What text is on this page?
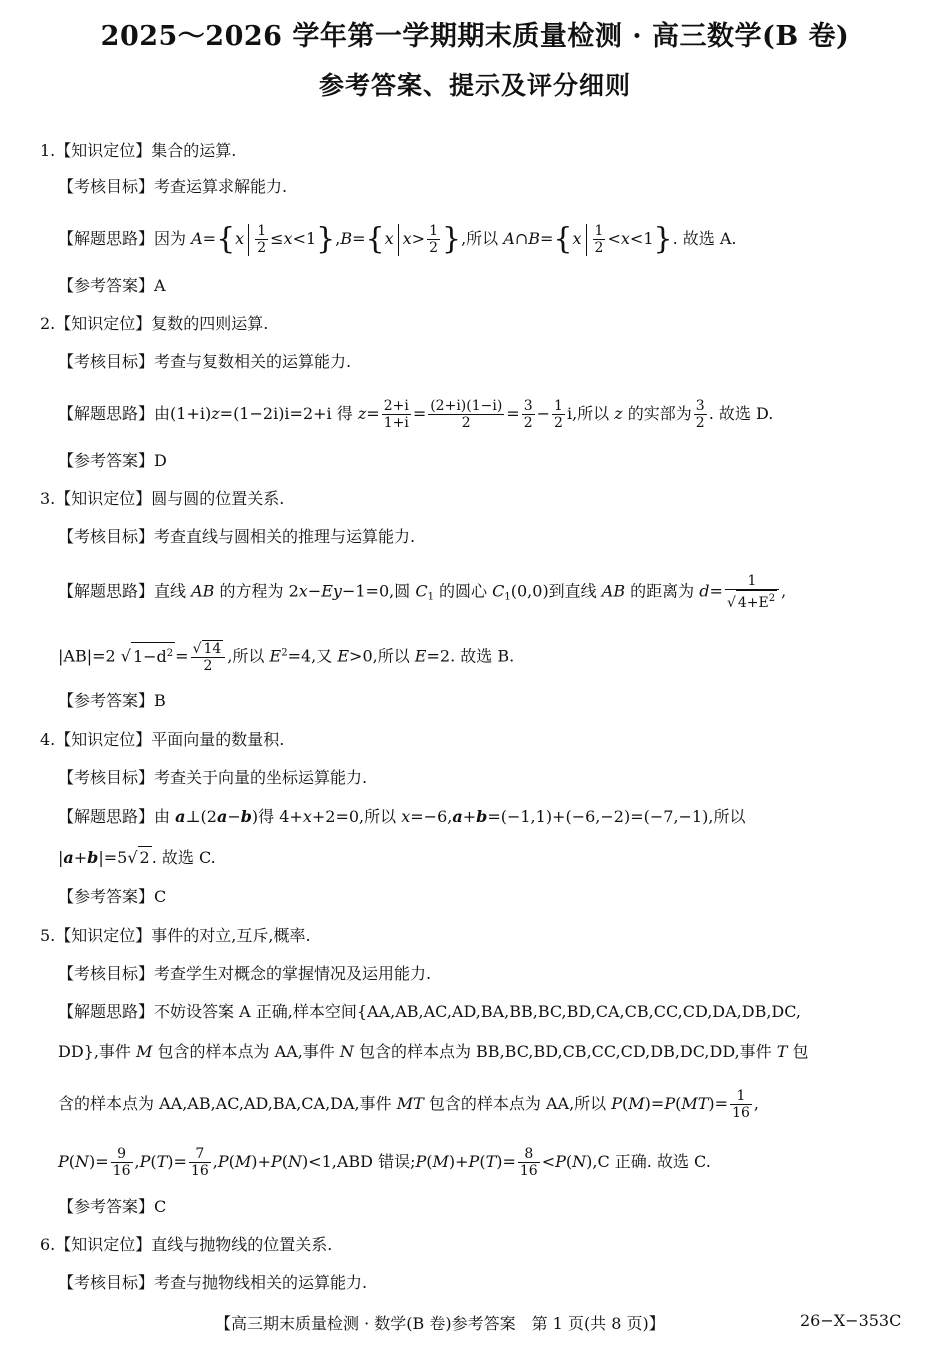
2025～2026 学年第一学期期末质量检测 · 高三数学(B 卷)
参考答案、提示及评分细则
1.【知识定位】集合的运算.
【考核目标】考查运算求解能力.
【解题思路】因为 $A=\{x \frac{1}{2} \le x<1\},B=\{x$ $x> \frac{1}{2}$ },所以 A∩B={x $\frac{1}{2} <x<1$}. 故选 A.
【参考答案】A
2.【知识定位】复数的四则运算.
【考核目标】考查与复数相关的运算能力.
【解题思路】由(1+i)z=(1−2i)i=2+i 得 $z= \frac{2+i}{1+i} = \frac{(2+i)(1-i)}{2} = \frac{3}{2} - \frac{1}{2} i$,所以 z 的实部为 $\frac{3}{2}$ . 故选 D.
【参考答案】D
3.【知识定位】圆与圆的位置关系.
【考核目标】考查直线与圆相关的推理与运算能力.
【解题思路】直线 AB 的方程为 2x−Ey−1=0,圆 $C_1$ 的圆心 $C_1(0,0)$到直线 AB 的距离为 $d= \frac{1}{√ 4+E^2}$ ,
|AB|=2 √ $1-d^2 = \frac{√ 14}{2}$ ,所以 $E^2=4$,又 E>0,所以 E=2. 故选 B.
【参考答案】B
4.【知识定位】平面向量的数量积.
【考核目标】考查关于向量的坐标运算能力.
【解题思路】由 a⊥(2a−b)得 4+x+2=0,所以 x=−6,a+b=(−1,1)+(−6,−2)=(−7,−1),所以
|a+b|=5√ 2 . 故选 C.
【参考答案】C
5.【知识定位】事件的对立,互斥,概率.
【考核目标】考查学生对概念的掌握情况及运用能力.
【解题思路】不妨设答案 A 正确,样本空间{AA,AB,AC,AD,BA,BB,BC,BD,CA,CB,CC,CD,DA,DB,DC,
DD},事件 M 包含的样本点为 AA,事件 N 包含的样本点为 BB,BC,BD,CB,CC,CD,DB,DC,DD,事件 T 包
含的样本点为 AA,AB,AC,AD,BA,CA,DA,事件 MT 包含的样本点为 AA,所以 $P(M)=P(MT)= \frac{1}{16}$ ,
$P(N)= \frac{9}{16} ,P(T)= \frac{7}{16} ,P(M)+P(N)<1,ABD$ 错误;P(M)+P(T)= $\frac{8}{16} <P(N),C$ 正确. 故选 C.
【参考答案】C
6.【知识定位】直线与抛物线的位置关系.
【考核目标】考查与抛物线相关的运算能力.
【高三期末质量检测 · 数学(B 卷)参考答案　第 1 页(共 8 页)】	26−X−353C
